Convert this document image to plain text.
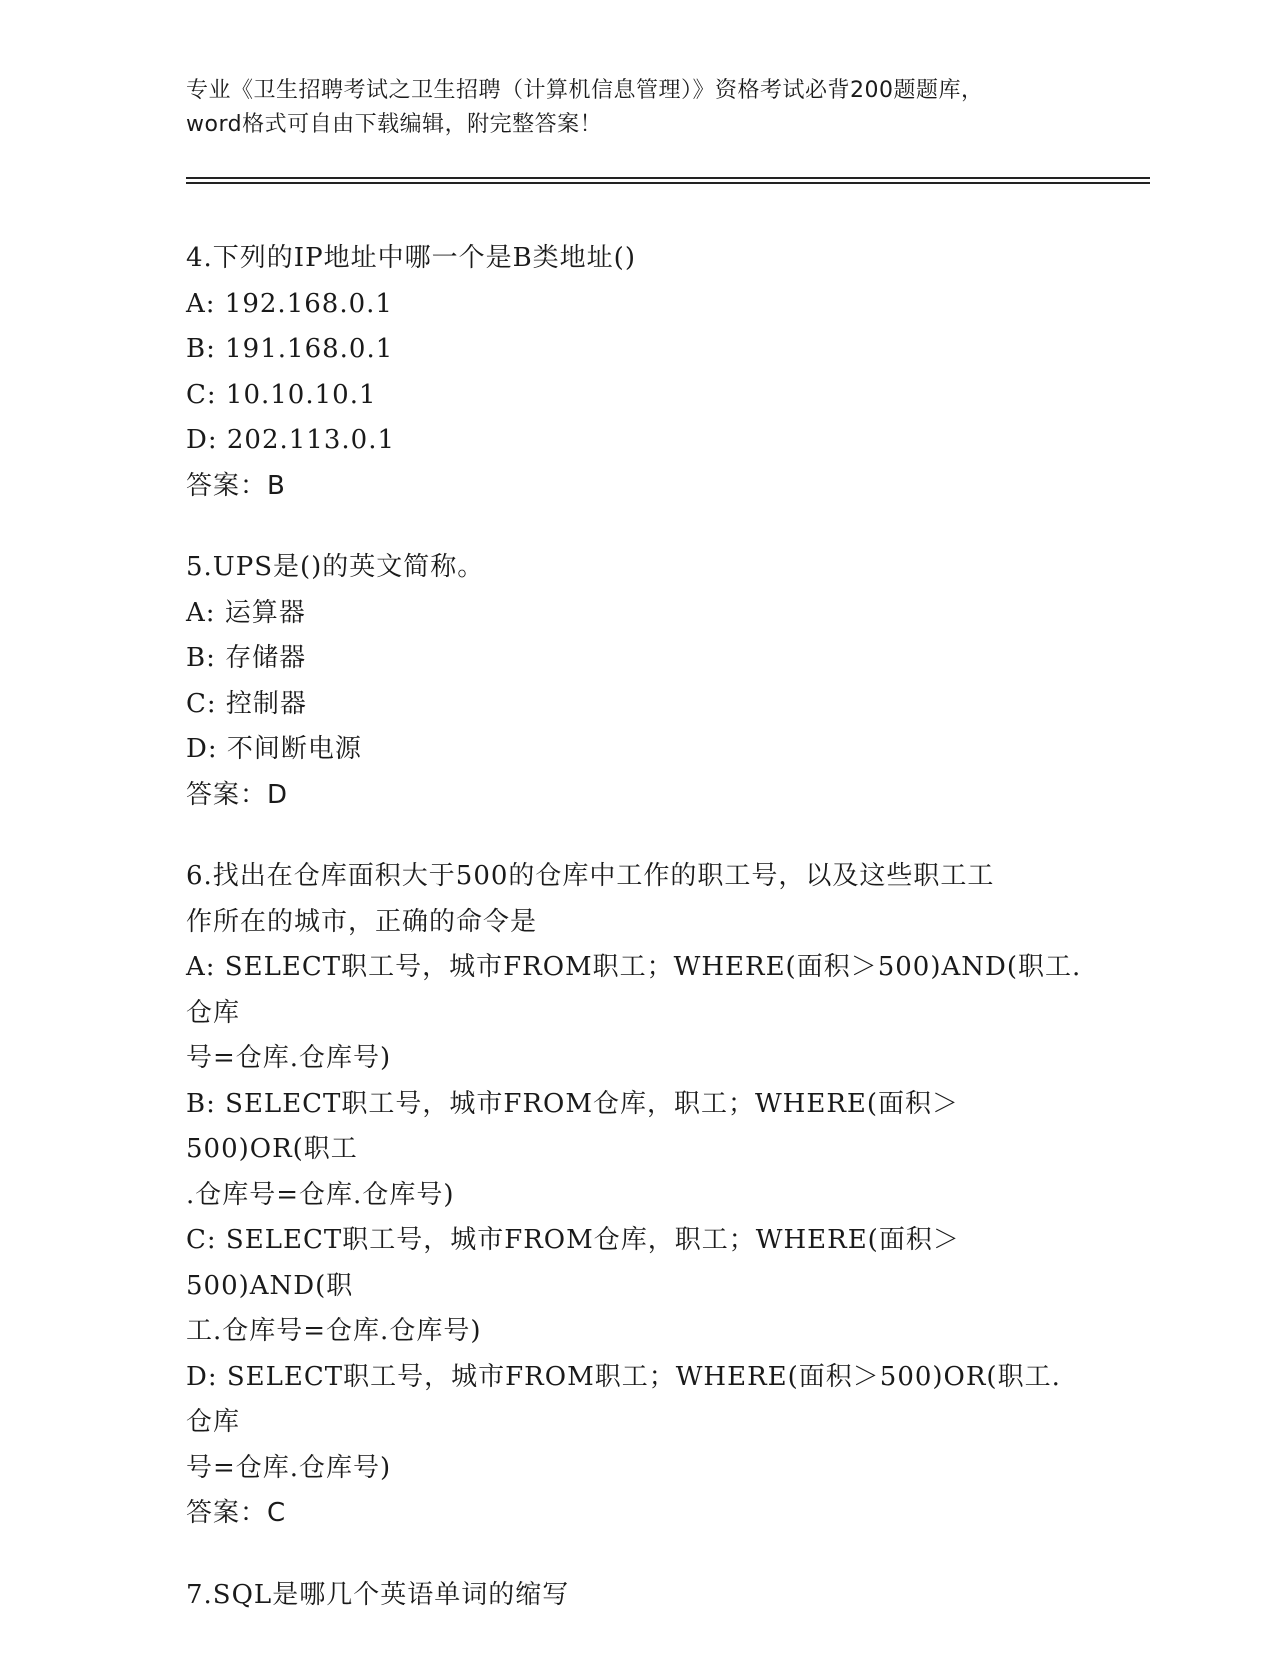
专业《卫生招聘考试之卫生招聘（计算机信息管理）》资格考试必背200题题库，
word格式可自由下载编辑，附完整答案！

4.下列的IP地址中哪一个是B类地址()

A: 192.168.0.1

B: 191.168.0.1

C: 10.10.10.1

D: 202.113.0.1

答案：B

5.UPS是()的英文简称。

A: 运算器

B: 存储器

C: 控制器

D: 不间断电源

答案：D

6.找出在仓库面积大于500的仓库中工作的职工号，以及这些职工工

作所在的城市，正确的命令是

A: SELECT职工号，城市FROM职工；WHERE(面积＞500)AND(职工.仓库

号=仓库.仓库号)

B: SELECT职工号，城市FROM仓库，职工；WHERE(面积＞500)OR(职工

.仓库号=仓库.仓库号)

C: SELECT职工号，城市FROM仓库，职工；WHERE(面积＞500)AND(职

工.仓库号=仓库.仓库号)

D: SELECT职工号，城市FROM职工；WHERE(面积＞500)OR(职工.仓库

号=仓库.仓库号)

答案：C

7.SQL是哪几个英语单词的缩写
